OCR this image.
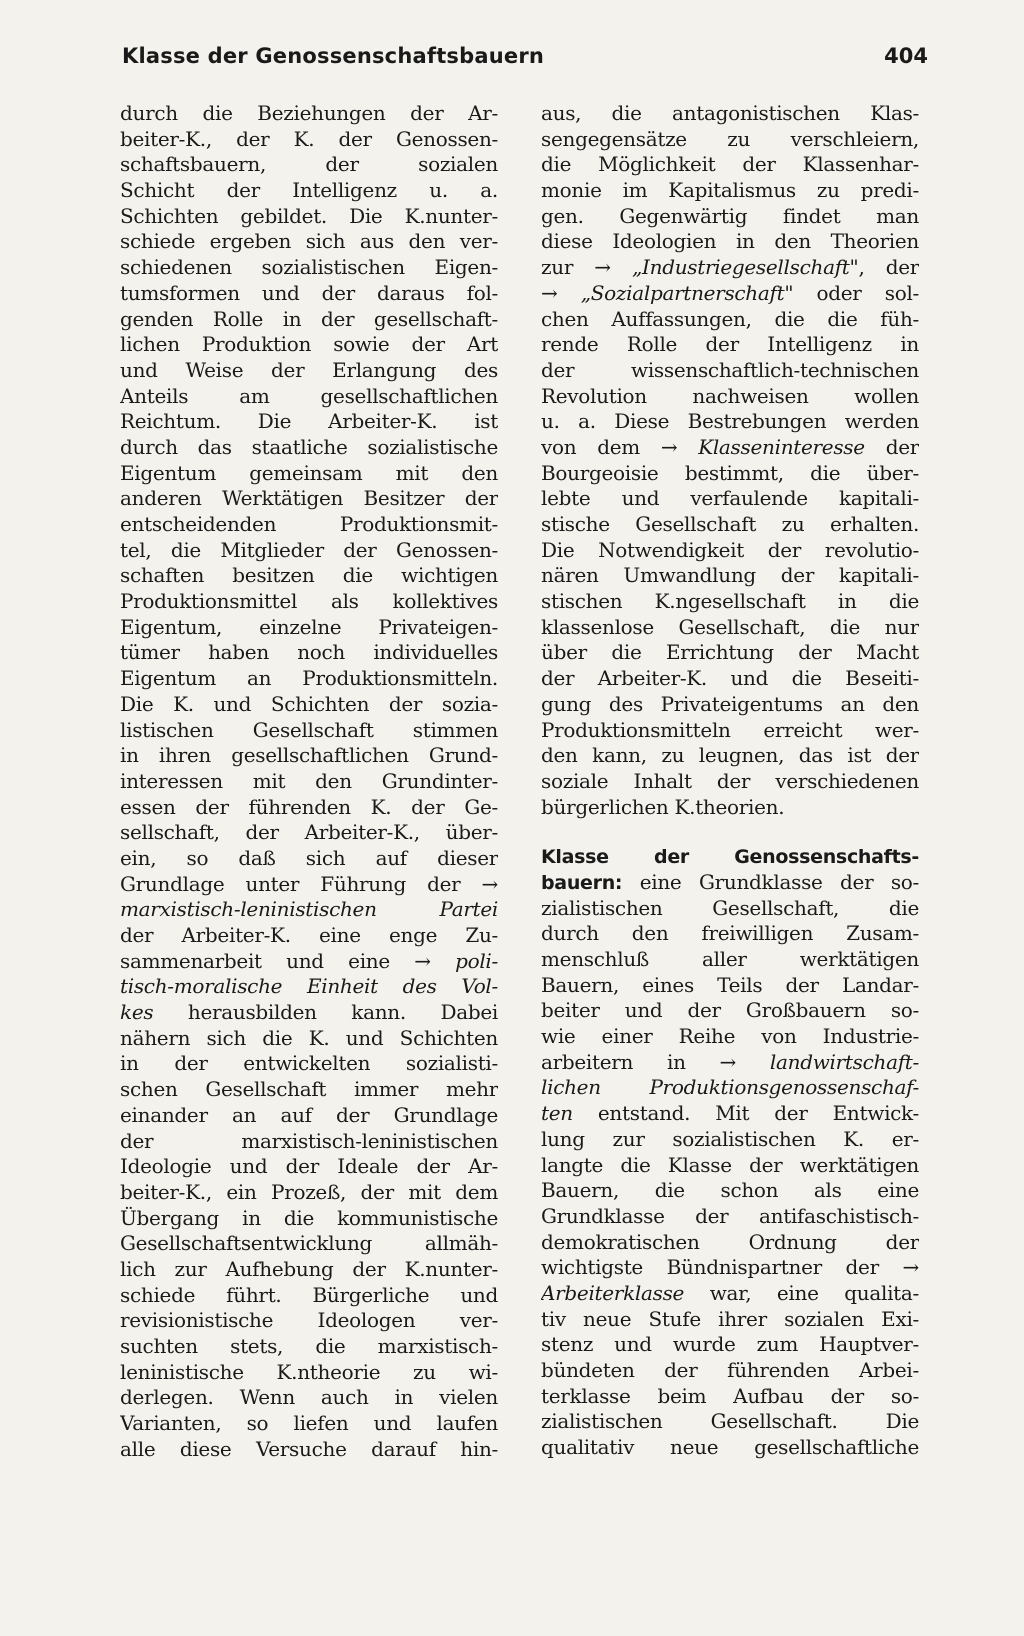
Klasse der Genossenschaftsbauern	404
durch die Beziehungen der Ar-
beiter-K., der K. der Genossen-
schaftsbauern, der sozialen
Schicht der Intelligenz u. a.
Schichten gebildet. Die K.nunter-
schiede ergeben sich aus den ver-
schiedenen sozialistischen Eigen-
tumsformen und der daraus fol-
genden Rolle in der gesellschaft-
lichen Produktion sowie der Art
und Weise der Erlangung des
Anteils am gesellschaftlichen
Reichtum. Die Arbeiter-K. ist
durch das staatliche sozialistische
Eigentum gemeinsam mit den
anderen Werktätigen Besitzer der
entscheidenden Produktionsmit-
tel, die Mitglieder der Genossen-
schaften besitzen die wichtigen
Produktionsmittel als kollektives
Eigentum, einzelne Privateigen-
tümer haben noch individuelles
Eigentum an Produktionsmitteln.
Die K. und Schichten der sozia-
listischen Gesellschaft stimmen
in ihren gesellschaftlichen Grund-
interessen mit den Grundinter-
essen der führenden K. der Ge-
sellschaft, der Arbeiter-K., über-
ein, so daß sich auf dieser
Grundlage unter Führung der →
marxistisch-leninistischen Partei
der Arbeiter-K. eine enge Zu-
sammenarbeit und eine → poli-
tisch-moralische Einheit des Vol-
kes herausbilden kann. Dabei
nähern sich die K. und Schichten
in der entwickelten sozialisti-
schen Gesellschaft immer mehr
einander an auf der Grundlage
der marxistisch-leninistischen
Ideologie und der Ideale der Ar-
beiter-K., ein Prozeß, der mit dem
Übergang in die kommunistische
Gesellschaftsentwicklung allmäh-
lich zur Aufhebung der K.nunter-
schiede führt. Bürgerliche und
revisionistische Ideologen ver-
suchten stets, die marxistisch-
leninistische K.ntheorie zu wi-
derlegen. Wenn auch in vielen
Varianten, so liefen und laufen
alle diese Versuche darauf hin-
aus, die antagonistischen Klas-
sengegensätze zu verschleiern,
die Möglichkeit der Klassenhar-
monie im Kapitalismus zu predi-
gen. Gegenwärtig findet man
diese Ideologien in den Theorien
zur → „Industriegesellschaft", der
→ „Sozialpartnerschaft" oder sol-
chen Auffassungen, die die füh-
rende Rolle der Intelligenz in
der wissenschaftlich-technischen
Revolution nachweisen wollen
u. a. Diese Bestrebungen werden
von dem → Klasseninteresse der
Bourgeoisie bestimmt, die über-
lebte und verfaulende kapitali-
stische Gesellschaft zu erhalten.
Die Notwendigkeit der revolutio-
nären Umwandlung der kapitali-
stischen K.ngesellschaft in die
klassenlose Gesellschaft, die nur
über die Errichtung der Macht
der Arbeiter-K. und die Beseiti-
gung des Privateigentums an den
Produktionsmitteln erreicht wer-
den kann, zu leugnen, das ist der
soziale Inhalt der verschiedenen
bürgerlichen K.theorien.
Klasse der Genossenschafts-
bauern: eine Grundklasse der so-
zialistischen Gesellschaft, die
durch den freiwilligen Zusam-
menschluß aller werktätigen
Bauern, eines Teils der Landar-
beiter und der Großbauern so-
wie einer Reihe von Industrie-
arbeitern in → landwirtschaft-
lichen Produktionsgenossenschaf-
ten entstand. Mit der Entwick-
lung zur sozialistischen K. er-
langte die Klasse der werktätigen
Bauern, die schon als eine
Grundklasse der antifaschistisch-
demokratischen Ordnung der
wichtigste Bündnispartner der →
Arbeiterklasse war, eine qualita-
tiv neue Stufe ihrer sozialen Exi-
stenz und wurde zum Hauptver-
bündeten der führenden Arbei-
terklasse beim Aufbau der so-
zialistischen Gesellschaft. Die
qualitativ neue gesellschaftliche
